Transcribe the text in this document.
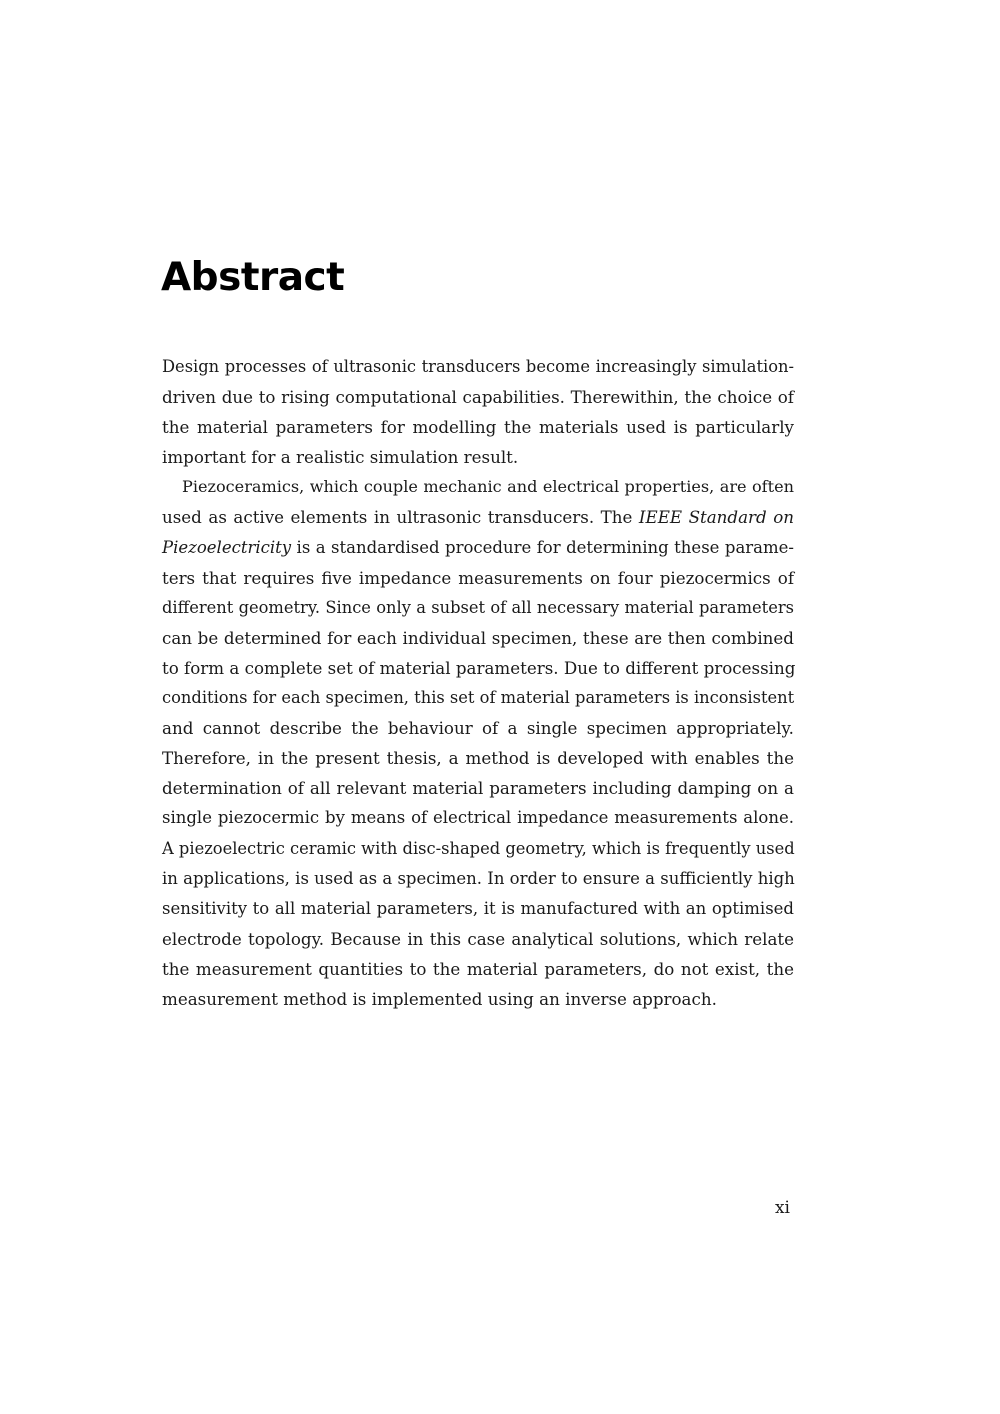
Abstract
Design processes of ultrasonic transducers become increasingly simulation-
driven due to rising computational capabilities. Therewithin, the choice of
the material parameters for modelling the materials used is particularly
important for a realistic simulation result.
Piezoceramics, which couple mechanic and electrical properties, are often
used as active elements in ultrasonic transducers. The IEEE Standard on
Piezoelectricity is a standardised procedure for determining these parame-
ters that requires five impedance measurements on four piezocermics of
different geometry. Since only a subset of all necessary material parameters
can be determined for each individual specimen, these are then combined
to form a complete set of material parameters. Due to different processing
conditions for each specimen, this set of material parameters is inconsistent
and cannot describe the behaviour of a single specimen appropriately.
Therefore, in the present thesis, a method is developed with enables the
determination of all relevant material parameters including damping on a
single piezocermic by means of electrical impedance measurements alone.
A piezoelectric ceramic with disc-shaped geometry, which is frequently used
in applications, is used as a specimen. In order to ensure a sufficiently high
sensitivity to all material parameters, it is manufactured with an optimised
electrode topology. Because in this case analytical solutions, which relate
the measurement quantities to the material parameters, do not exist, the
measurement method is implemented using an inverse approach.
xi
